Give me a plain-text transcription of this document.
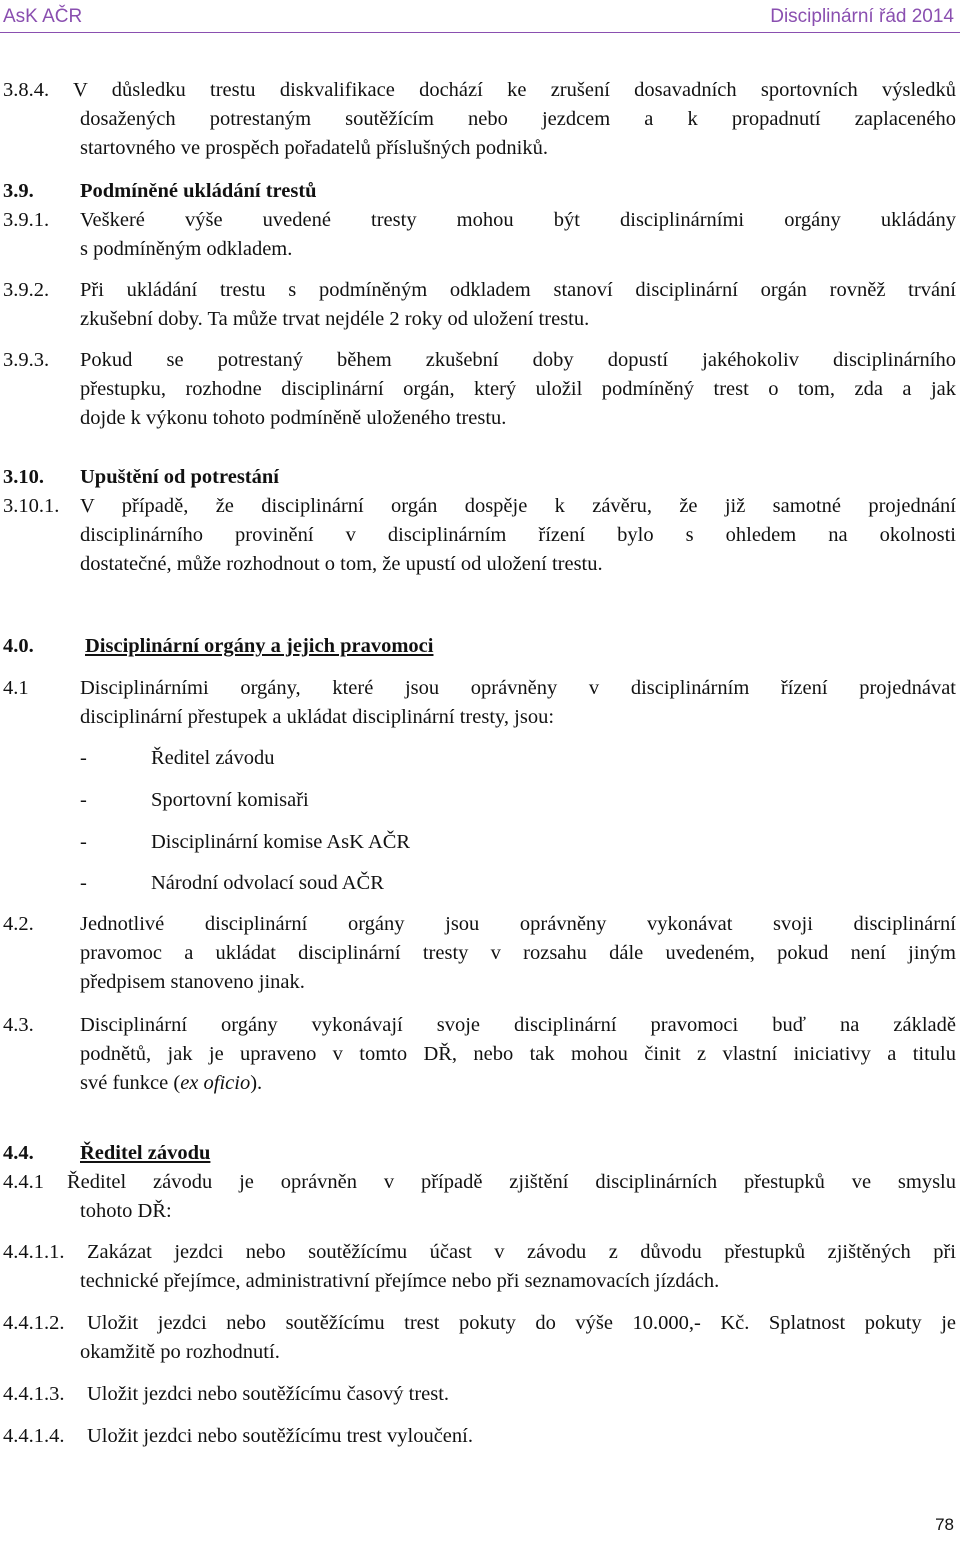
AsK AČR	Disciplinární řád 2014
3.8.4. V důsledku trestu diskvalifikace dochází ke zrušení dosavadních sportovních výsledků
dosažených potrestaným soutěžícím nebo jezdcem a k propadnutí zaplaceného
startovného ve prospěch pořadatelů příslušných podniků.
3.9. Podmíněné ukládání trestů
3.9.1. Veškeré výše uvedené tresty mohou být disciplinárními orgány ukládány
s podmíněným odkladem.
3.9.2. Při ukládání trestu s podmíněným odkladem stanoví disciplinární orgán rovněž trvání
zkušební doby. Ta může trvat nejdéle 2 roky od uložení trestu.
3.9.3. Pokud se potrestaný během zkušební doby dopustí jakéhokoliv disciplinárního
přestupku, rozhodne disciplinární orgán, který uložil podmíněný trest o tom, zda a jak
dojde k výkonu tohoto podmíněně uloženého trestu.
3.10. Upuštění od potrestání
3.10.1. V případě, že disciplinární orgán dospěje k závěru, že již samotné projednání
disciplinárního provinění v disciplinárním řízení bylo s ohledem na okolnosti
dostatečné, může rozhodnout o tom, že upustí od uložení trestu.
4.0.	Disciplinární orgány a jejich pravomoci
4.1	Disciplinárními orgány, které jsou oprávněny v disciplinárním řízení projednávat
disciplinární přestupek a ukládat disciplinární tresty, jsou:
-	Ředitel závodu
-	Sportovní komisaři
-	Disciplinární komise AsK AČR
-	Národní odvolací soud AČR
4.2. Jednotlivé disciplinární orgány jsou oprávněny vykonávat svoji disciplinární
pravomoc a ukládat disciplinární tresty v rozsahu dále uvedeném, pokud není jiným
předpisem stanoveno jinak.
4.3. Disciplinární orgány vykonávají svoje disciplinární pravomoci buď na základě
podnětů, jak je upraveno v tomto DŘ, nebo tak mohou činit z vlastní iniciativy a titulu
své funkce (ex oficio).
4.4. Ředitel závodu
4.4.1 Ředitel závodu je oprávněn v případě zjištění disciplinárních přestupků ve smyslu
tohoto DŘ:
4.4.1.1. Zakázat jezdci nebo soutěžícímu účast v závodu z důvodu přestupků zjištěných při
technické přejímce, administrativní přejímce nebo při seznamovacích jízdách.
4.4.1.2. Uložit jezdci nebo soutěžícímu trest pokuty do výše 10.000,- Kč. Splatnost pokuty je
okamžitě po rozhodnutí.
4.4.1.3.	Uložit jezdci nebo soutěžícímu časový trest.
4.4.1.4.	Uložit jezdci nebo soutěžícímu trest vyloučení.
78
